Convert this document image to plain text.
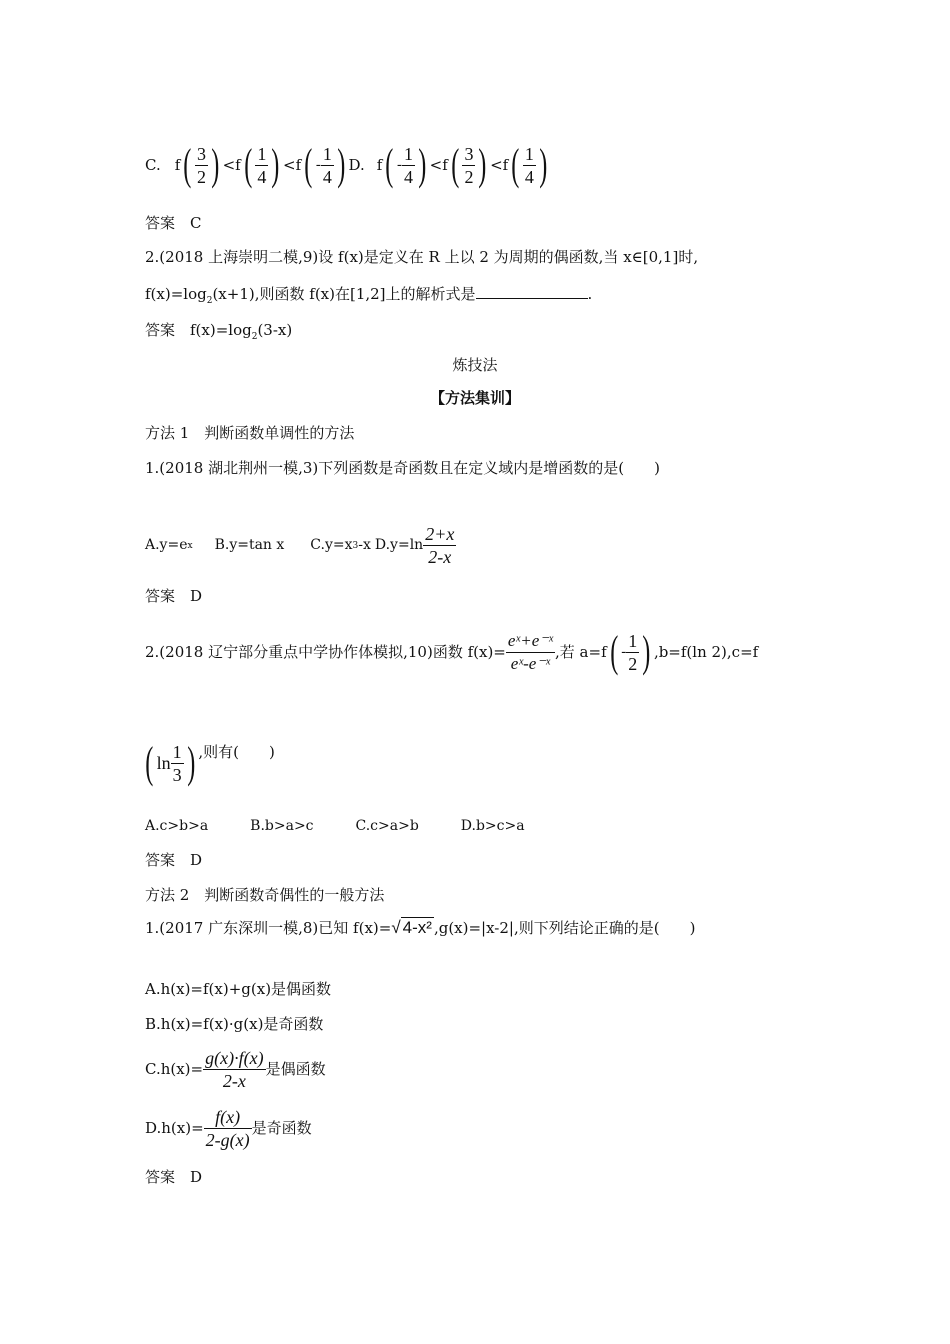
C. f ( $\frac{3}{2}$ ) < f ( $\frac{1}{4}$ ) < f ( - $\frac{1}{4}$ ) D. f ( - $\frac{1}{4}$ ) < f ( $\frac{3}{2}$ ) < f ( $\frac{1}{4}$ )
答案　C
2.(2018 上海崇明二模,9)设 f(x)是定义在 R 上以 2 为周期的偶函数,当 x∈[0,1]时,
$f(x)=\log_2(x+1)$,则函数 f(x)在[1,2]上的解析式是	.
答案　$f(x)=\log_2(3-x)$
炼技法
【方法集训】
方法 1　判断函数单调性的方法
1.(2018 湖北荆州一模,3)下列函数是奇函数且在定义域内是增函数的是(　　)
A.y=e x B.y=tan x C.y=x 3 -x $D.y=\ln \frac{2+x}{2-x}$
答案　D
2.(2018 辽宁部分重点中学协作体模拟,10)函数 $f(x)= \frac{\text{eˣ+e⁻ˣ}}{\text{eˣ-e⁻ˣ}}$ ,若 a=f ( - $\frac{1}{2}$ ) ,b=f(ln 2),c=f
( $\ln \frac{1}{3}$ ) ,则有(　　)
A.c>b>a　　　B.b>a>c　　　C.c>a>b　　　D.b>c>a
答案　D
方法 2　判断函数奇偶性的一般方法
1.(2017 广东深圳一模,8)已知 f(x)= √ 4-x² ,g(x)=|x-2|,则下列结论正确的是(　　)
A.h(x)=f(x)+g(x)是偶函数
B.h(x)=f(x)·g(x)是奇函数
$C.h(x)= \frac{g(x)\cdot f(x)}{2-x}$ 是偶函数
$D.h(x)= \frac{f(x)}{2-g(x)}$ 是奇函数
答案　D
